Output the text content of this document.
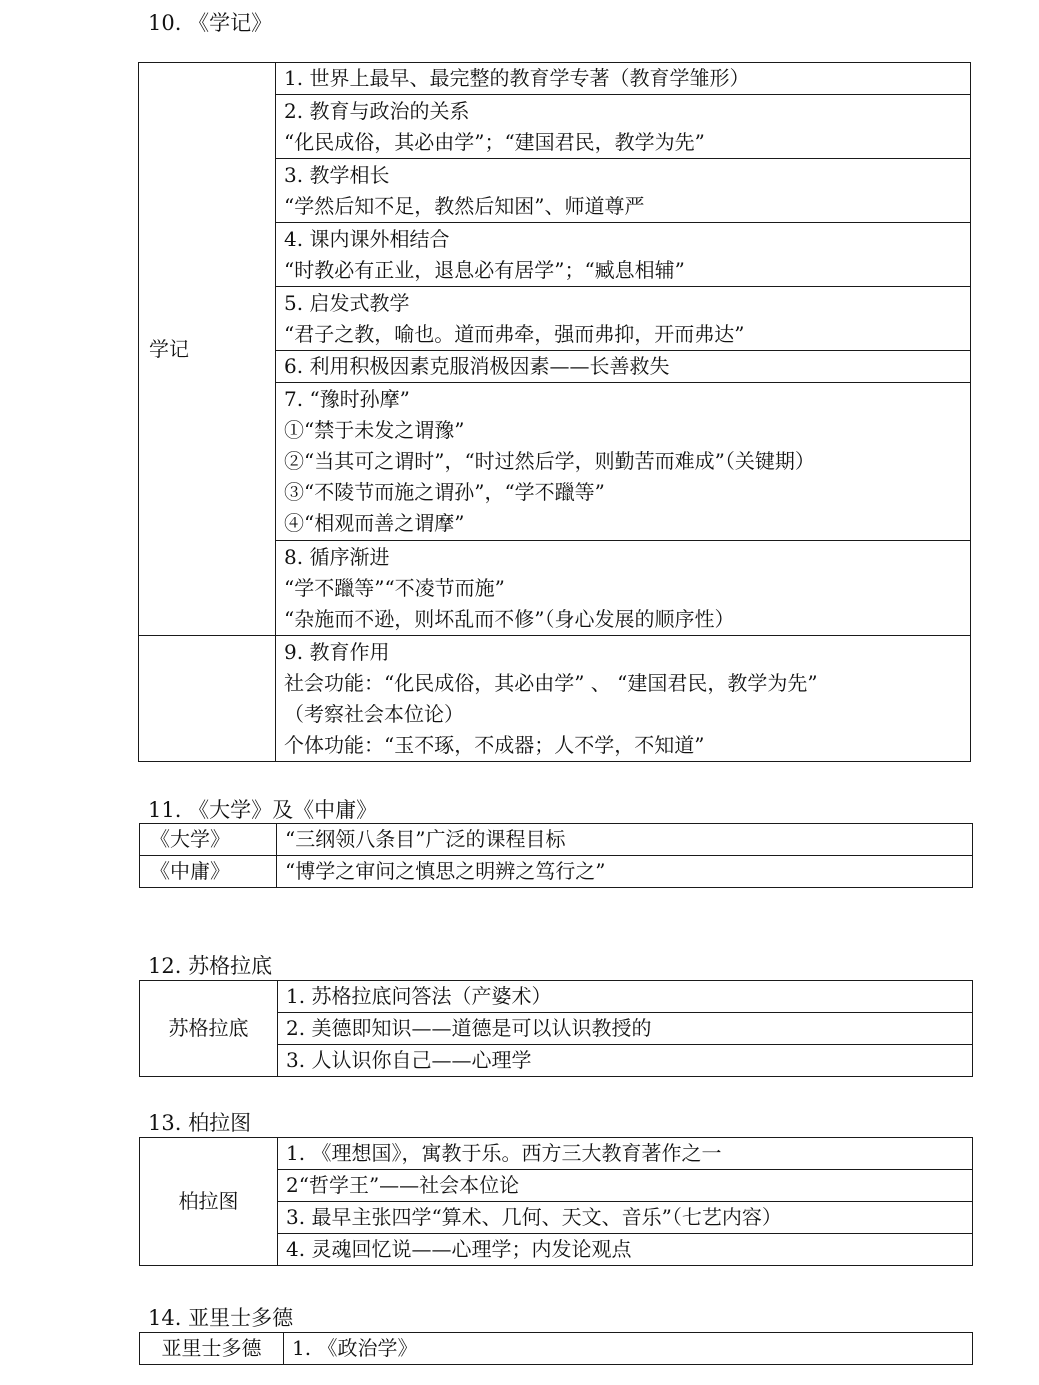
10. 《学记》
学记	1. 世界上最早、最完整的教育学专著（教育学雏形）

	2. 教育与政治的关系
“化民成俗，其必由学”；“建国君民，教学为先”

	3. 教学相长
“学然后知不足，教然后知困”、师道尊严

	4. 课内课外相结合
“时教必有正业，退息必有居学”；“臧息相辅”

	5. 启发式教学
“君子之教，喻也。道而弗牵，强而弗抑，开而弗达”

	6. 利用积极因素克服消极因素——长善救失

	7. “豫时孙摩”
①“禁于未发之谓豫”
②“当其可之谓时”，“时过然后学，则勤苦而难成”（关键期）
③“不陵节而施之谓孙”，“学不躐等”
④“相观而善之谓摩”

	8. 循序渐进
“学不躐等”“不凌节而施”
“杂施而不逊，则坏乱而不修”（身心发展的顺序性）

	9. 教育作用
社会功能：“化民成俗，其必由学” 、 “建国君民，教学为先”
（考察社会本位论）
个体功能：“玉不琢，不成器；人不学，不知道”
11. 《大学》及《中庸》
《大学》	“三纲领八条目”广泛的课程目标
《中庸》	“博学之审问之慎思之明辨之笃行之”
12. 苏格拉底
苏格拉底	1. 苏格拉底问答法（产婆术）
2. 美德即知识——道德是可以认识教授的
3. 人认识你自己——心理学
13. 柏拉图
柏拉图	1. 《理想国》，寓教于乐。西方三大教育著作之一
2“哲学王”——社会本位论
3. 最早主张四学“算术、几何、天文、音乐”（七艺内容）
4. 灵魂回忆说——心理学；内发论观点
14. 亚里士多德
亚里士多德	1. 《政治学》
